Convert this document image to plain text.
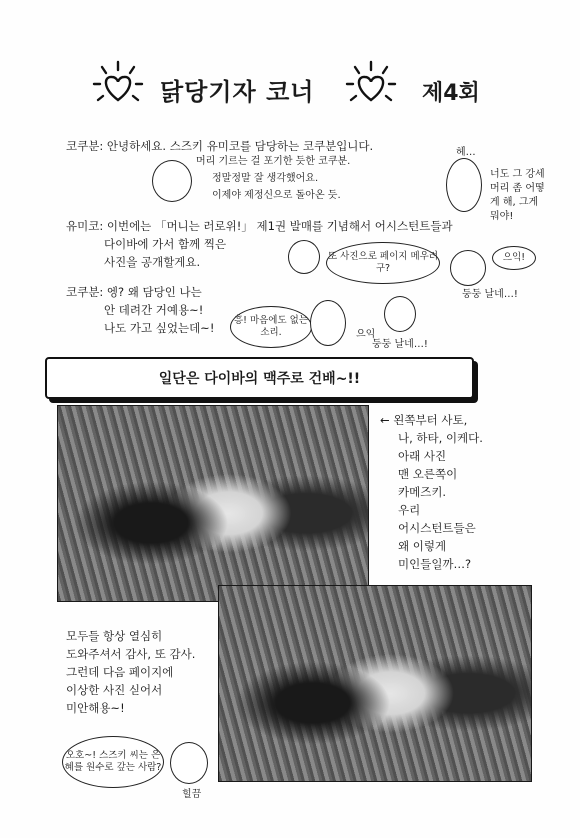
닭당기자 코너	제4회
코쿠분: 안녕하세요. 스즈키 유미코를 담당하는 코쿠분입니다.
머리 기르는 걸 포기한 듯한 코쿠분.
정말정말 잘 생각했어요.
이제야 제정신으로 돌아온 듯.
헤…
너도 그 강세 머리 좀 어떻게 해, 그게 뭐야!
유미코: 이번에는 「머니는 러로위!」 제1권 발매를 기념해서 어시스턴트들과
다이바에 가서 함께 찍은
사진을 공개할게요.	또 사진으로 페이지 메우려구?
으익!
둥둥 날네…!
코쿠분: 엥? 왜 담당인 나는
안 데려간 거예용~!
나도 가고 싶었는데~!
흥! 마음에도 없는 소리.	으익
둥둥 날네…!
일단은 다이바의 맥주로 건배~!!
← 왼쪽부터 사토,
나, 하타, 이케다.
아래 사진
맨 오른쪽이
카메즈키.
우리
어시스턴트들은
왜 이렇게
미인들일까…?
모두들 항상 열심히
도와주셔서 감사, 또 감사.
그런데 다음 페이지에
이상한 사진 싣어서
미안해용~!
오호~! 스즈키 씨는 은혜를 원수로 갚는 사람?
힐끔
